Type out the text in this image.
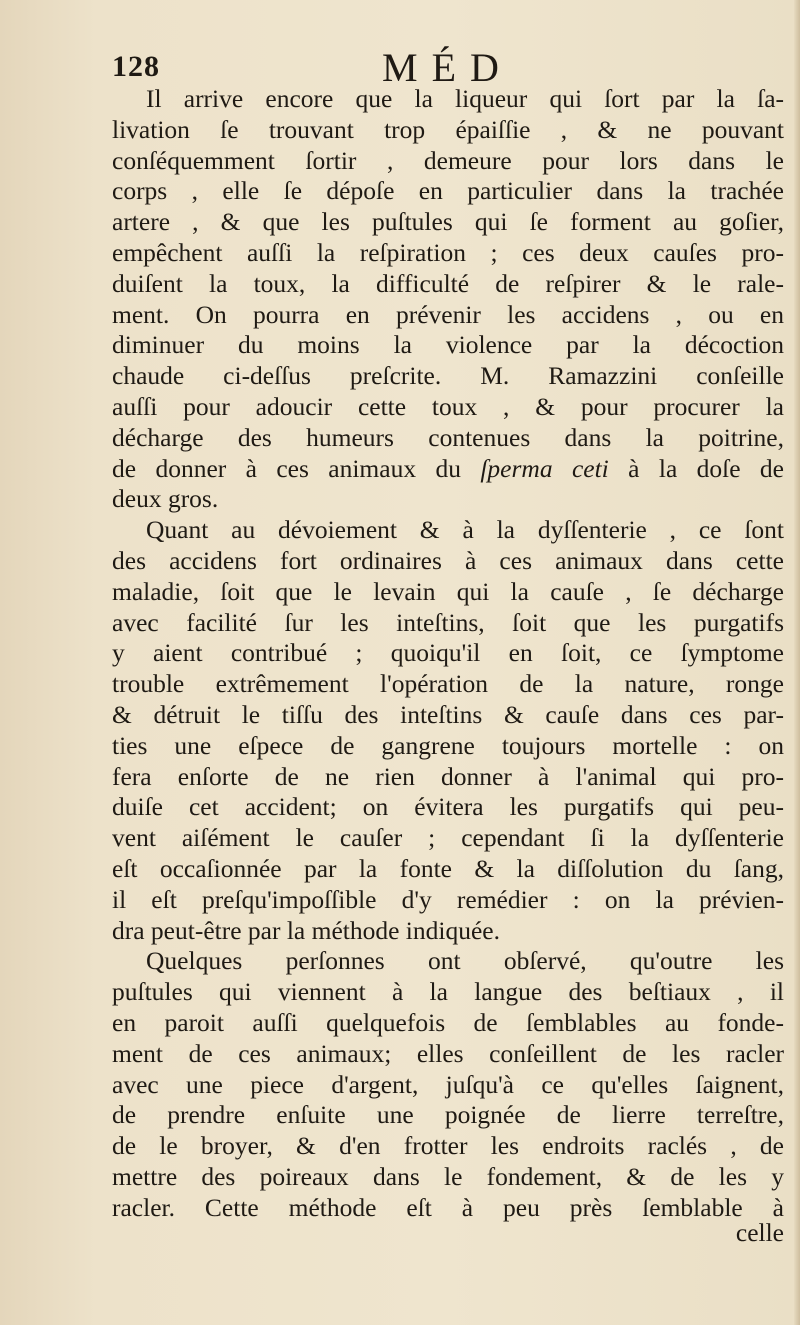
128	MÉD
Il arrive encore que la liqueur qui ſort par la ſa-
livation ſe trouvant trop épaiſſie , & ne pouvant
conſéquemment ſortir , demeure pour lors dans le
corps , elle ſe dépoſe en particulier dans la trachée
artere , & que les puſtules qui ſe forment au goſier,
empêchent auſſi la reſpiration ; ces deux cauſes pro-
duiſent la toux, la difficulté de reſpirer & le rale-
ment. On pourra en prévenir les accidens , ou en
diminuer du moins la violence par la décoction
chaude ci-deſſus preſcrite. M. Ramazzini conſeille
auſſi pour adoucir cette toux , & pour procurer la
décharge des humeurs contenues dans la poitrine,
de donner à ces animaux du ſperma ceti à la doſe de
deux gros.
Quant au dévoiement & à la dyſſenterie , ce ſont
des accidens fort ordinaires à ces animaux dans cette
maladie, ſoit que le levain qui la cauſe , ſe décharge
avec facilité ſur les inteſtins, ſoit que les purgatifs
y aient contribué ; quoiqu'il en ſoit, ce ſymptome
trouble extrêmement l'opération de la nature, ronge
& détruit le tiſſu des inteſtins & cauſe dans ces par-
ties une eſpece de gangrene toujours mortelle : on
fera enſorte de ne rien donner à l'animal qui pro-
duiſe cet accident; on évitera les purgatifs qui peu-
vent aiſément le cauſer ; cependant ſi la dyſſenterie
eſt occaſionnée par la fonte & la diſſolution du ſang,
il eſt preſqu'impoſſible d'y remédier : on la prévien-
dra peut-être par la méthode indiquée.
Quelques perſonnes ont obſervé, qu'outre les
puſtules qui viennent à la langue des beſtiaux , il
en paroit auſſi quelquefois de ſemblables au fonde-
ment de ces animaux; elles conſeillent de les racler
avec une piece d'argent, juſqu'à ce qu'elles ſaignent,
de prendre enſuite une poignée de lierre terreſtre,
de le broyer, & d'en frotter les endroits raclés , de
mettre des poireaux dans le fondement, & de les y
racler. Cette méthode eſt à peu près ſemblable à
celle
